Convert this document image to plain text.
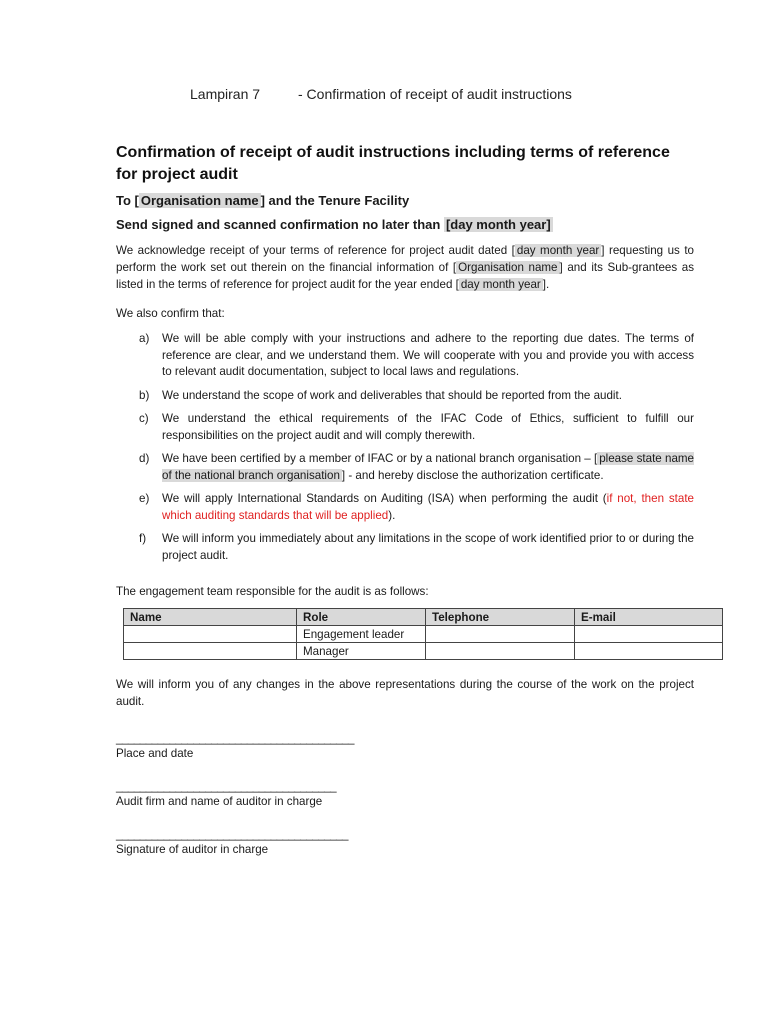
Lampiran 7	- Confirmation of receipt of audit instructions
Confirmation of receipt of audit instructions including terms of reference for project audit

To [ Organisation name ] and the Tenure Facility

Send signed and scanned confirmation no later than [day month year]

We acknowledge receipt of your terms of reference for project audit dated [ day month year ] requesting us to perform the work set out therein on the financial information of [ Organisation name ] and its Sub-grantees as listed in the terms of reference for project audit for the year ended [ day month year ].

We also confirm that:

a) We will be able comply with your instructions and adhere to the reporting due dates. The terms of reference are clear, and we understand them. We will cooperate with you and provide you with access to relevant audit documentation, subject to local laws and regulations.
b) We understand the scope of work and deliverables that should be reported from the audit.
c) We understand the ethical requirements of the IFAC Code of Ethics, sufficient to fulfill our responsibilities on the project audit and will comply therewith.
d) We have been certified by a member of IFAC or by a national branch organisation – [ please state name of the national branch organisation ] - and hereby disclose the authorization certificate.
e) We will apply International Standards on Auditing (ISA) when performing the audit (if not, then state which auditing standards that will be applied).
f) We will inform you immediately about any limitations in the scope of work identified prior to or during the project audit.

The engagement team responsible for the audit is as follows:

Name	Role	Telephone	E-mail
	Engagement leader		
	Manager		

We will inform you of any changes in the above representations during the course of the work on the project audit.

________________________________________
Place and date
_____________________________________
Audit firm and name of auditor in charge
_______________________________________
Signature of auditor in charge
